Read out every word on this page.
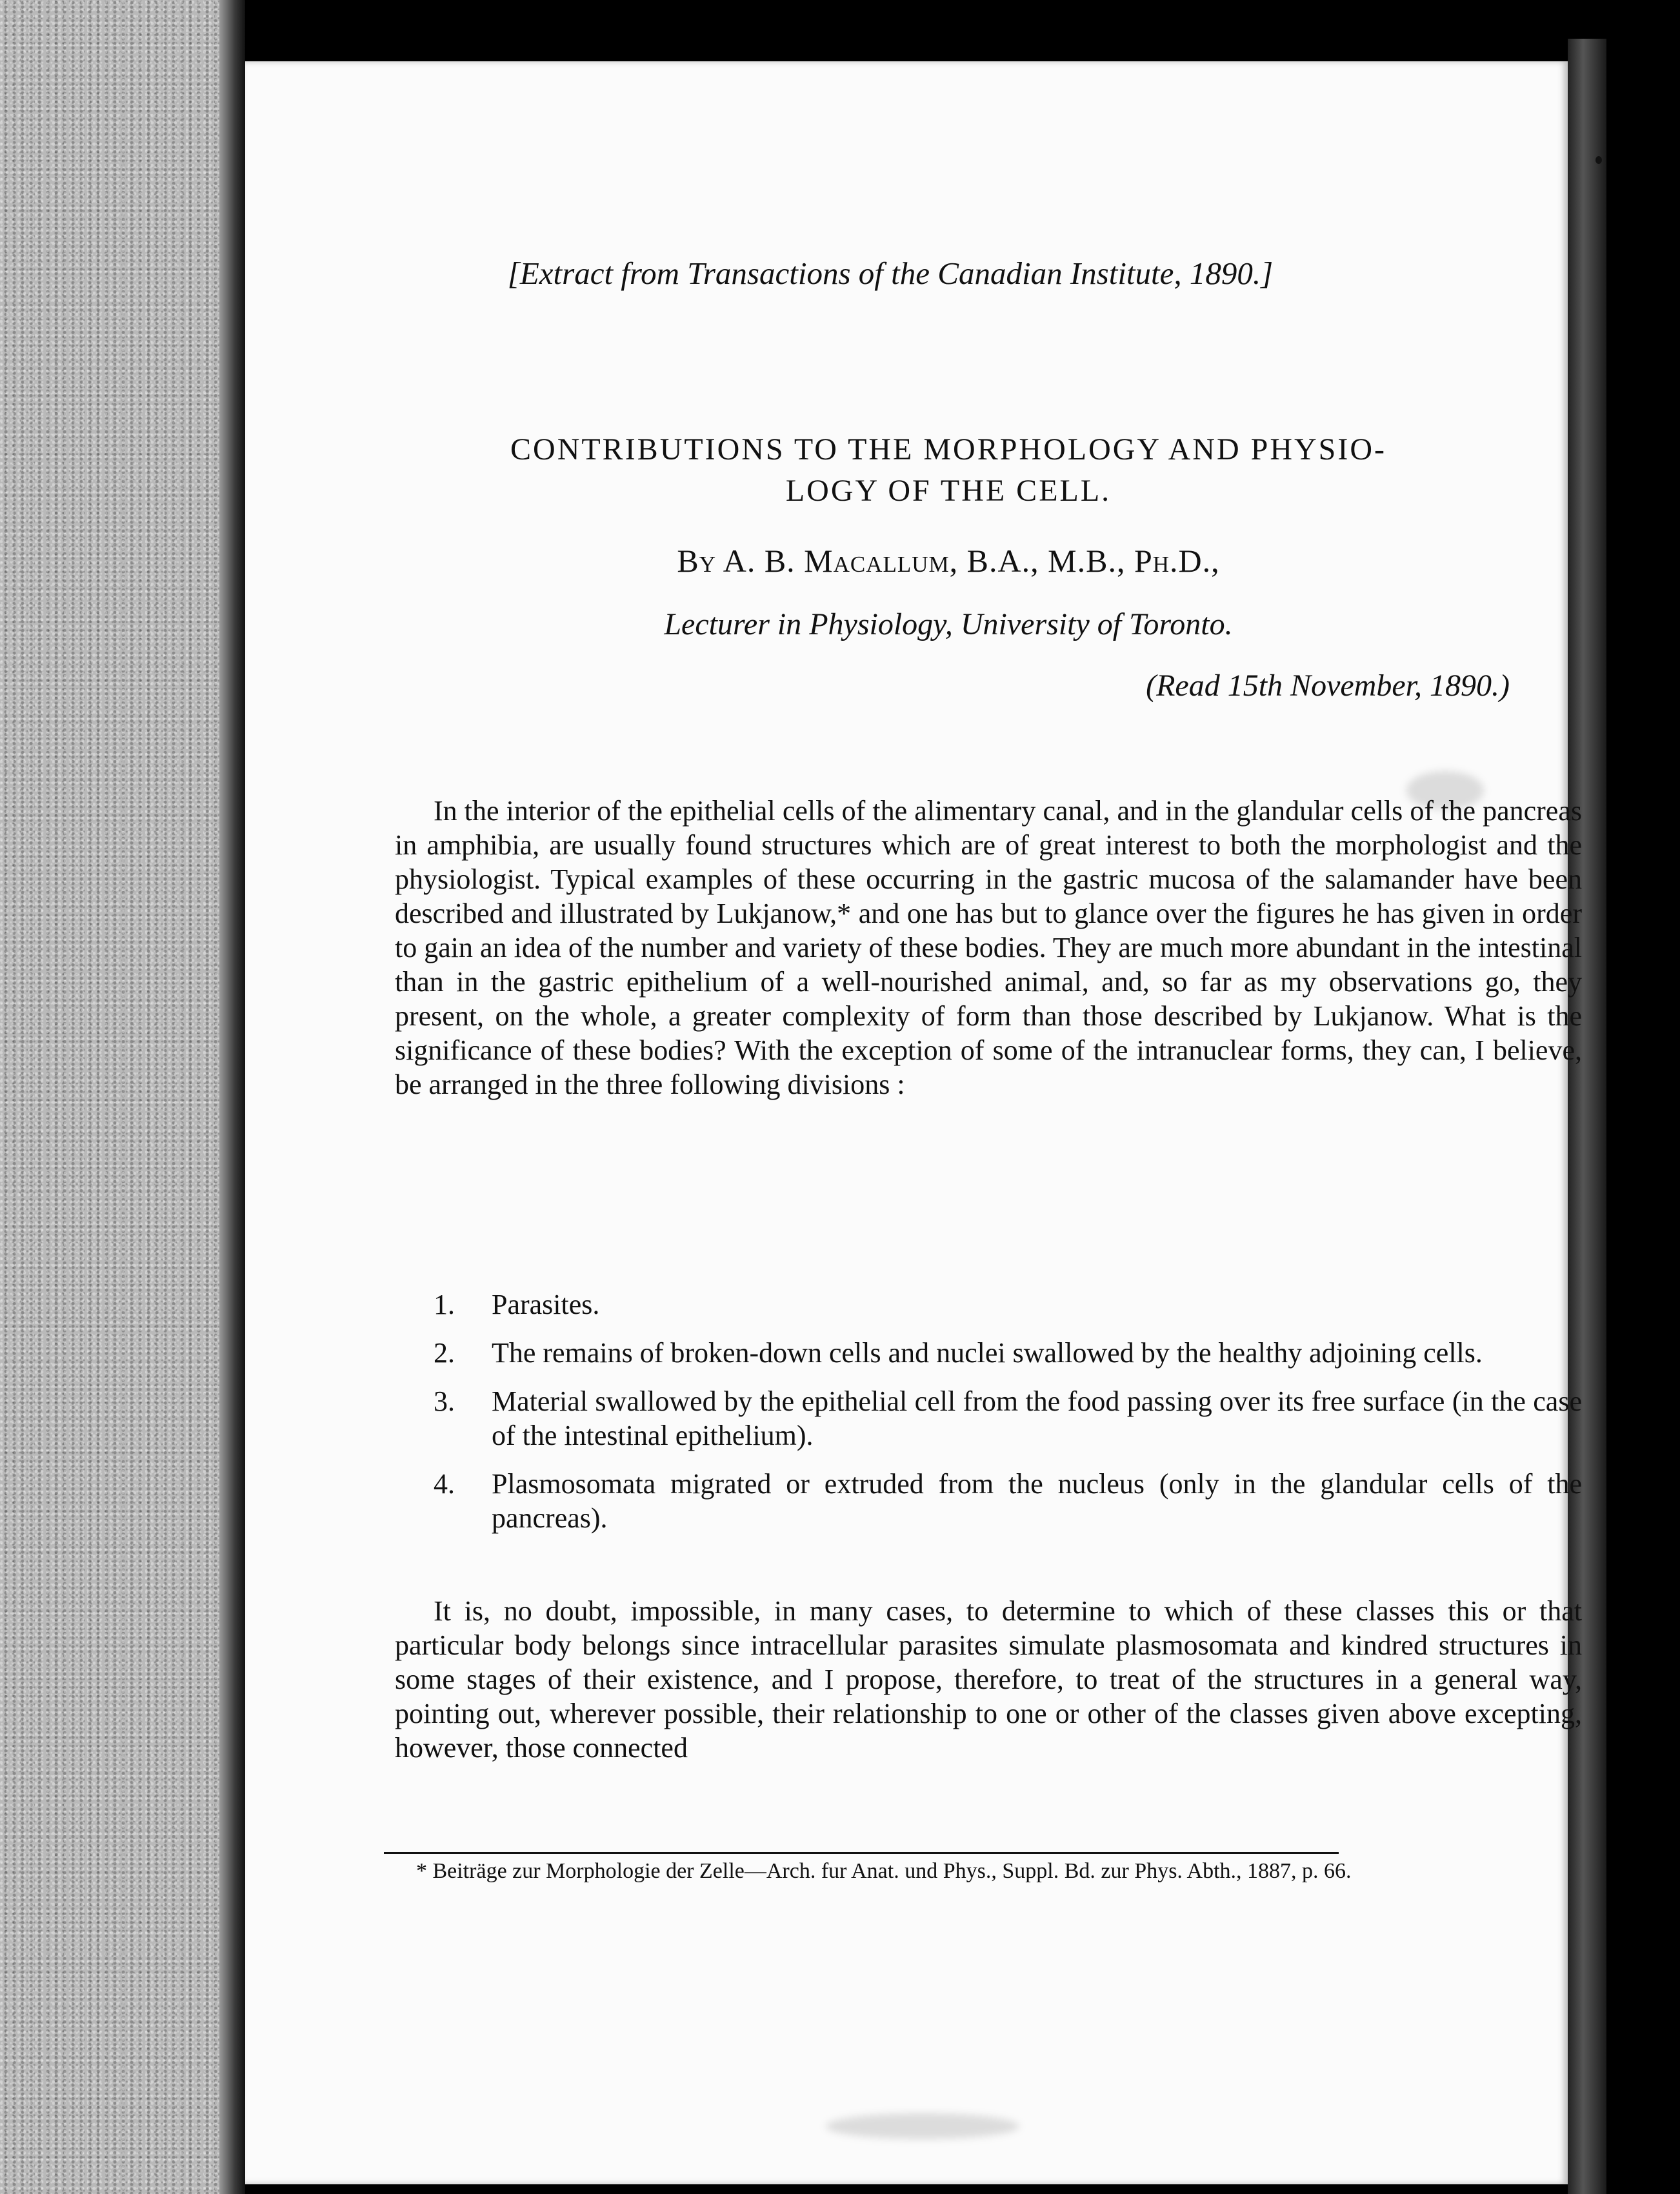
[Extract from Transactions of the Canadian Institute, 1890.]
CONTRIBUTIONS TO THE MORPHOLOGY AND PHYSIO-
LOGY OF THE CELL.
By A. B. Macallum, B.A., M.B., Ph.D.,
Lecturer in Physiology, University of Toronto.
(Read 15th November, 1890.)

In the interior of the epithelial cells of the alimentary canal, and in the glandular cells of the pancreas in amphibia, are usually found structures which are of great interest to both the morphologist and the physiologist. Typical examples of these occurring in the gastric mucosa of the salamander have been described and illustrated by Lukjanow,* and one has but to glance over the figures he has given in order to gain an idea of the number and variety of these bodies. They are much more abundant in the intestinal than in the gastric epithelium of a well-nourished animal, and, so far as my observations go, they present, on the whole, a greater complexity of form than those described by Lukjanow. What is the significance of these bodies? With the exception of some of the intranuclear forms, they can, I believe, be arranged in the three following divisions :

1.	Parasites.
2.	The remains of broken-down cells and nuclei swallowed by the healthy adjoining cells.
3.	Material swallowed by the epithelial cell from the food passing over its free surface (in the case of the intestinal epithelium).
4.	Plasmosomata migrated or extruded from the nucleus (only in the glandular cells of the pancreas).

It is, no doubt, impossible, in many cases, to determine to which of these classes this or that particular body belongs since intracellular parasites simulate plasmosomata and kindred structures in some stages of their existence, and I propose, therefore, to treat of the structures in a general way, pointing out, wherever possible, their relationship to one or other of the classes given above excepting, however, those connected

* Beiträge zur Morphologie der Zelle—Arch. fur Anat. und Phys., Suppl. Bd. zur Phys. Abth., 1887, p. 66.
